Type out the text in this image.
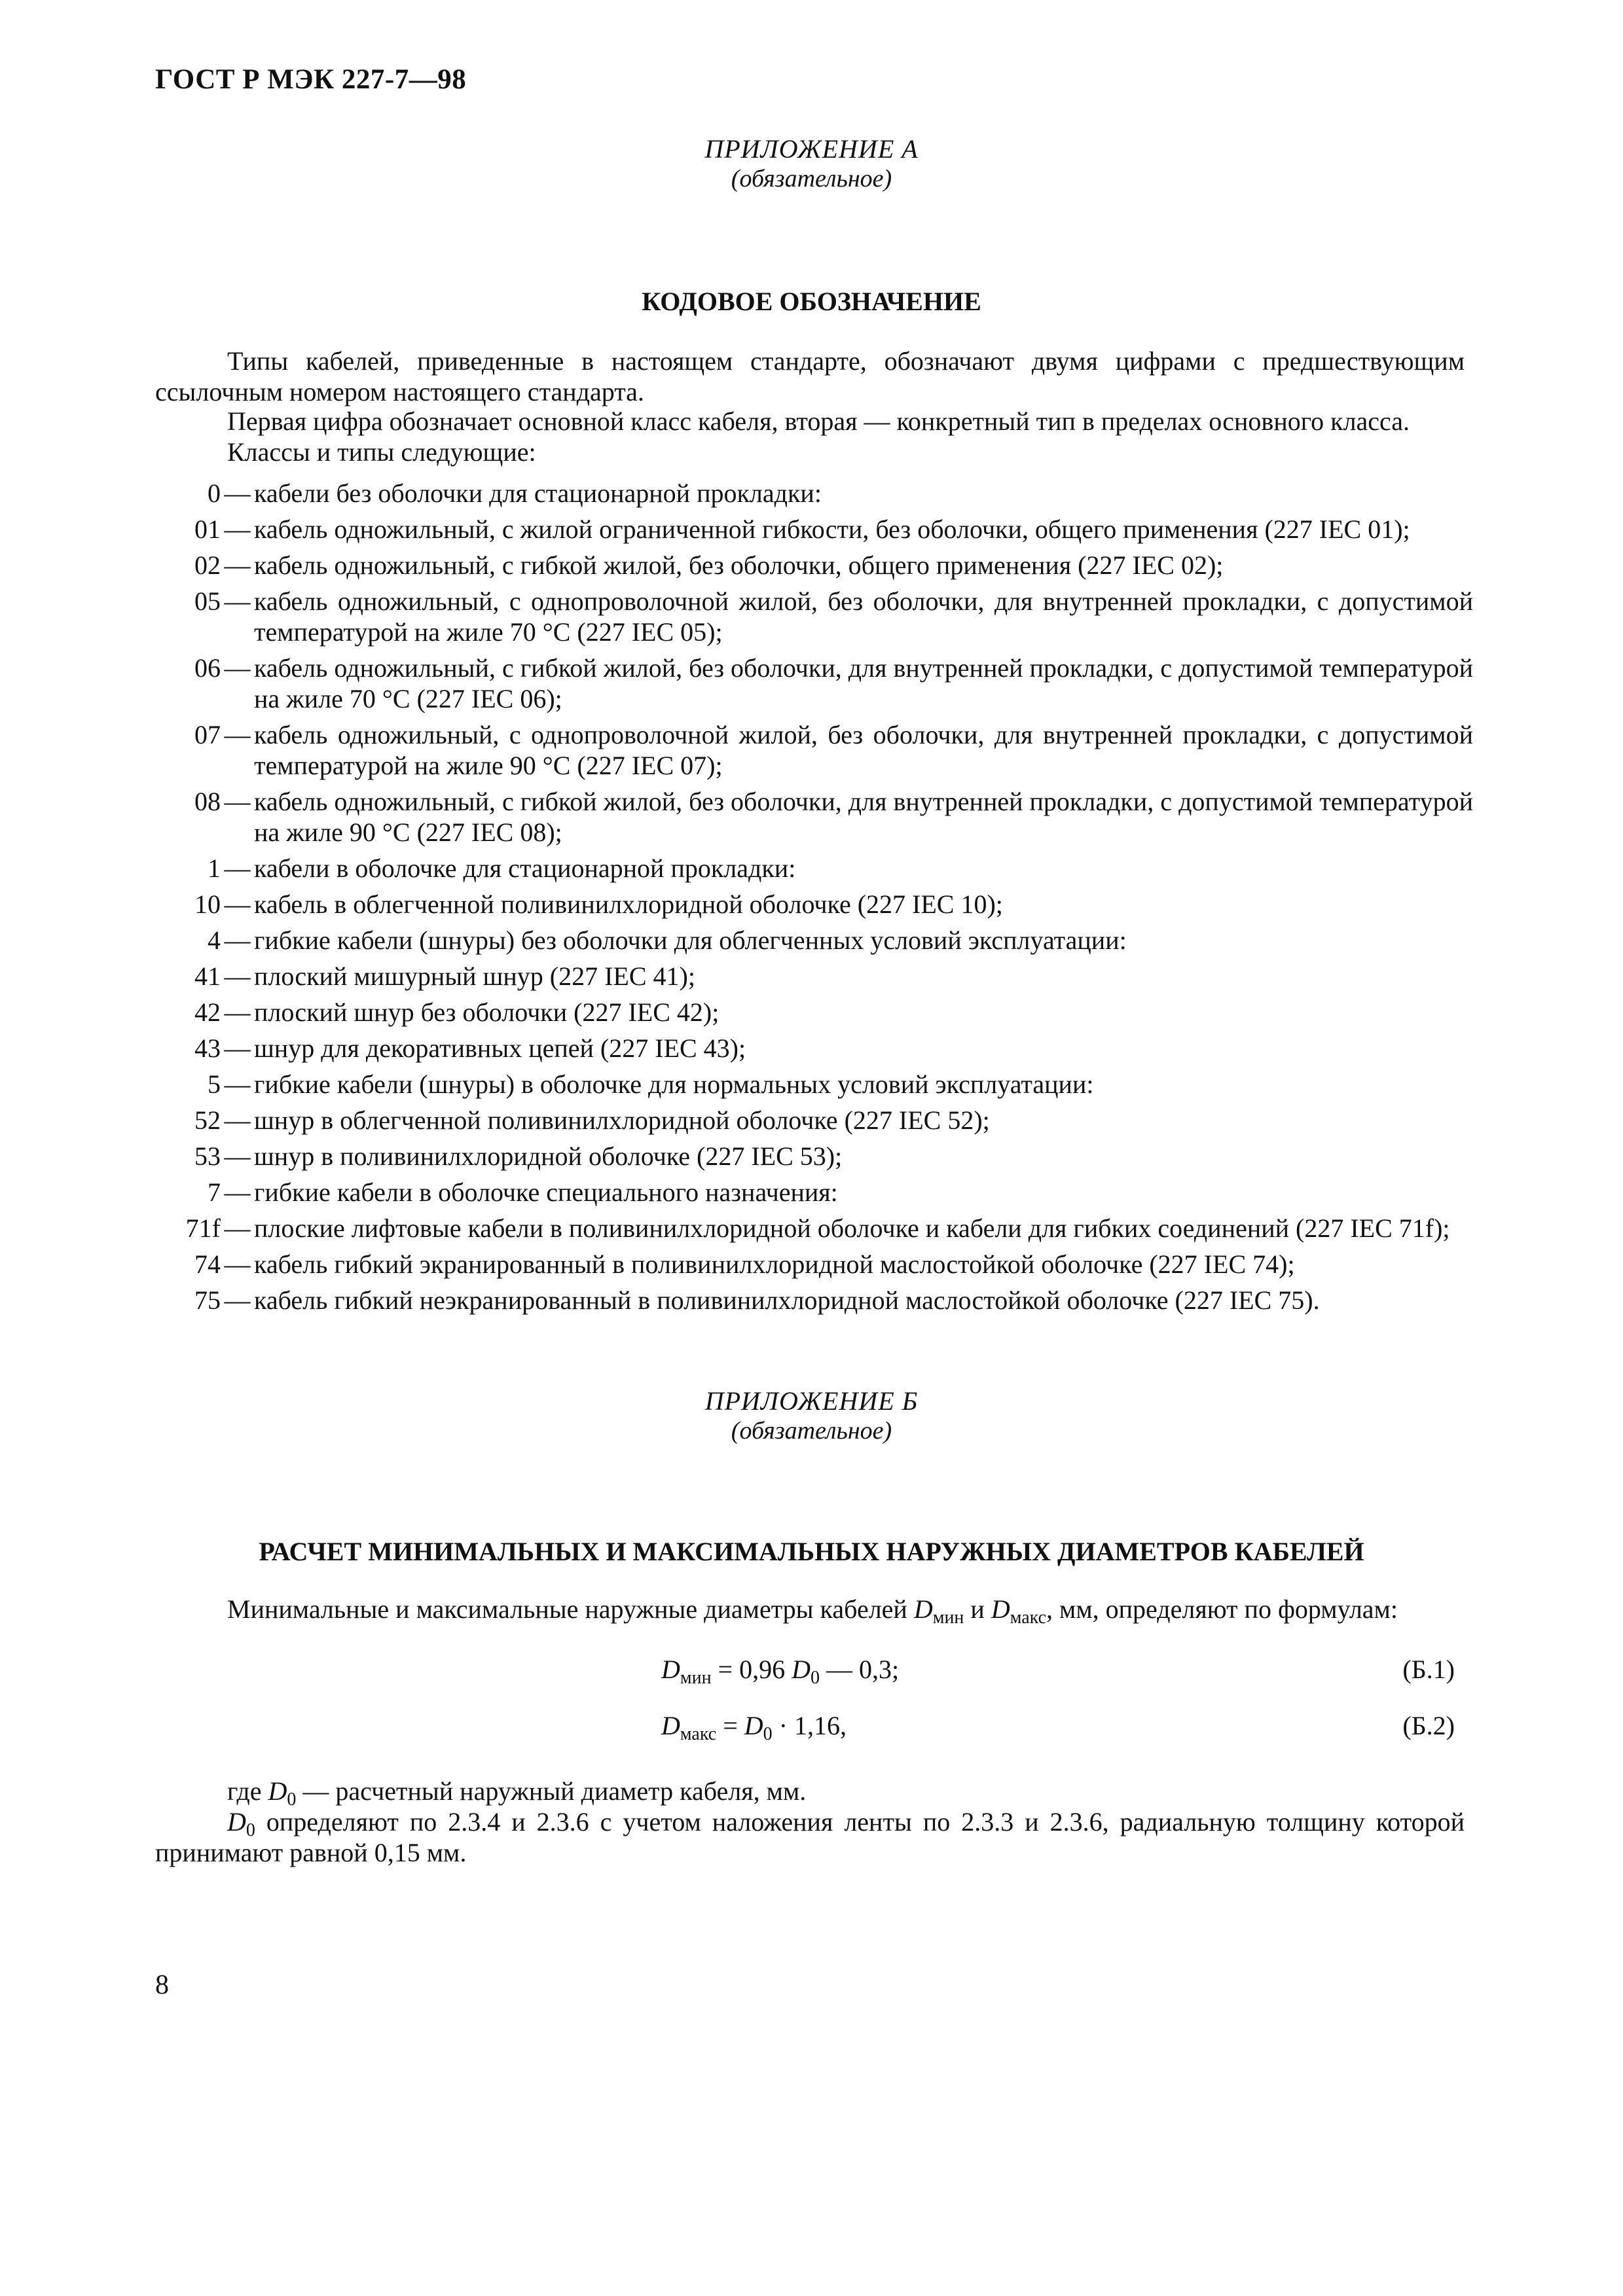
ГОСТ Р МЭК 227-7—98
ПРИЛОЖЕНИЕ А
(обязательное)
КОДОВОЕ ОБОЗНАЧЕНИЕ
Типы кабелей, приведенные в настоящем стандарте, обозначают двумя цифрами с предшествующим ссылочным номером настоящего стандарта.
Первая цифра обозначает основной класс кабеля, вторая — конкретный тип в пределах основного класса.
Классы и типы следующие:
0 — кабели без оболочки для стационарной прокладки:
01 — кабель одножильный, с жилой ограниченной гибкости, без оболочки, общего применения (227 IEC 01);
02 — кабель одножильный, с гибкой жилой, без оболочки, общего применения (227 IEC 02);
05 — кабель одножильный, с однопроволочной жилой, без оболочки, для внутренней прокладки, с допустимой температурой на жиле 70 °С (227 IEC 05);
06 — кабель одножильный, с гибкой жилой, без оболочки, для внутренней прокладки, с допустимой температурой на жиле 70 °С (227 IEC 06);
07 — кабель одножильный, с однопроволочной жилой, без оболочки, для внутренней прокладки, с допустимой температурой на жиле 90 °С (227 IEC 07);
08 — кабель одножильный, с гибкой жилой, без оболочки, для внутренней прокладки, с допустимой температурой на жиле 90 °С (227 IEC 08);
1 — кабели в оболочке для стационарной прокладки:
10 — кабель в облегченной поливинилхлоридной оболочке (227 IEC 10);
4 — гибкие кабели (шнуры) без оболочки для облегченных условий эксплуатации:
41 — плоский мишурный шнур (227 IEC 41);
42 — плоский шнур без оболочки (227 IEC 42);
43 — шнур для декоративных цепей (227 IEC 43);
5 — гибкие кабели (шнуры) в оболочке для нормальных условий эксплуатации:
52 — шнур в облегченной поливинилхлоридной оболочке (227 IEC 52);
53 — шнур в поливинилхлоридной оболочке (227 IEC 53);
7 — гибкие кабели в оболочке специального назначения:
71f — плоские лифтовые кабели в поливинилхлоридной оболочке и кабели для гибких соединений (227 IEC 71f);
74 — кабель гибкий экранированный в поливинилхлоридной маслостойкой оболочке (227 IEC 74);
75 — кабель гибкий неэкранированный в поливинилхлоридной маслостойкой оболочке (227 IEC 75).
ПРИЛОЖЕНИЕ Б
(обязательное)
РАСЧЕТ МИНИМАЛЬНЫХ И МАКСИМАЛЬНЫХ НАРУЖНЫХ ДИАМЕТРОВ КАБЕЛЕЙ
Минимальные и максимальные наружные диаметры кабелей $D_{мин}$ и $D_{макс}$, мм, определяют по формулам:
$D_{мин} = 0,96$ $D_0$ — 0,3;	(Б.1)
$D_{макс} = D_0 \cdot 1,16$,	(Б.2)
где $D_0$ — расчетный наружный диаметр кабеля, мм.
$D_0$ определяют по 2.3.4 и 2.3.6 с учетом наложения ленты по 2.3.3 и 2.3.6, радиальную толщину которой принимают равной 0,15 мм.
8
